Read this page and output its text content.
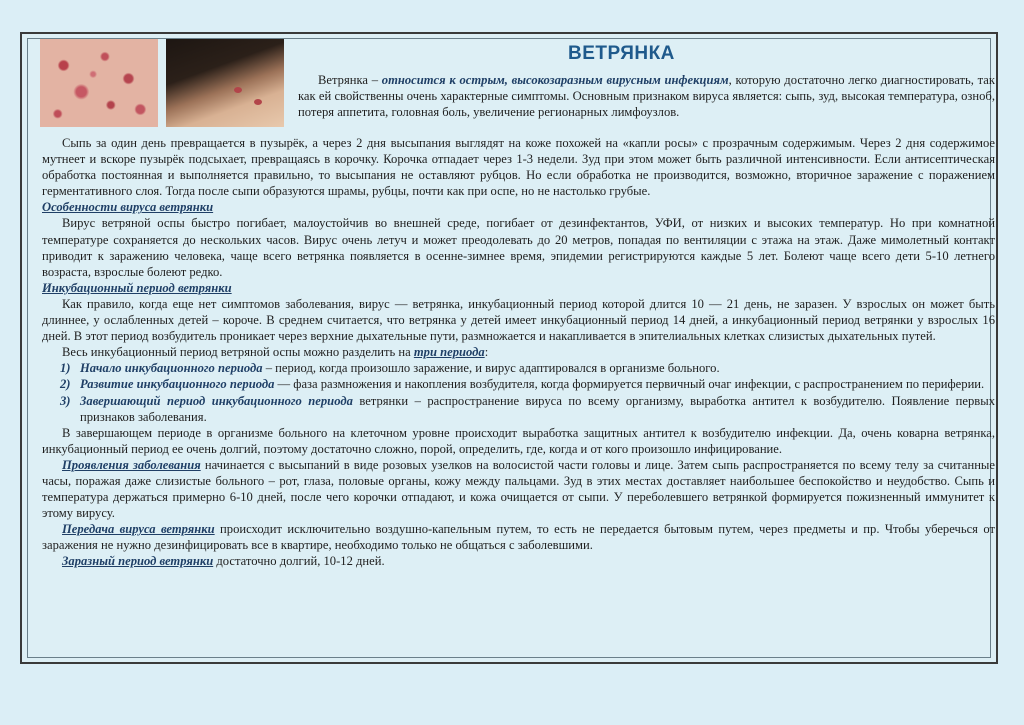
ВЕТРЯНКА

Ветрянка – относится к острым, высокозаразным вирусным инфекциям, которую достаточно легко диагностировать, так как ей свойственны очень характерные симптомы. Основным признаком вируса является: сыпь, зуд, высокая температура, озноб, потеря аппетита, головная боль, увеличение регионарных лимфоузлов.

Сыпь за один день превращается в пузырёк, а через 2 дня высыпания выглядят на коже похожей на «капли росы» с прозрачным содержимым. Через 2 дня содержимое мутнеет и вскоре пузырёк подсыхает, превращаясь в корочку. Корочка отпадает через 1-3 недели. Зуд при этом может быть различной интенсивности. Если антисептическая обработка постоянная и выполняется правильно, то высыпания не оставляют рубцов. Но если обработка не производится, возможно, вторичное заражение с поражением герментативного слоя. Тогда после сыпи образуются шрамы, рубцы, почти как при оспе, но не настолько грубые.

Особенности вируса ветрянки

Вирус ветряной оспы быстро погибает, малоустойчив во внешней среде, погибает от дезинфектантов, УФИ, от низких и высоких температур. Но при комнатной температуре сохраняется до нескольких часов. Вирус очень летуч и может преодолевать до 20 метров, попадая по вентиляции с этажа на этаж. Даже мимолетный контакт приводит к заражению человека, чаще всего ветрянка появляется в осенне-зимнее время, эпидемии регистрируются каждые 5 лет. Болеют чаще всего дети 5-10 летнего возраста, взрослые болеют редко.

Инкубационный период ветрянки

Как правило, когда еще нет симптомов заболевания, вирус — ветрянка, инкубационный период которой длится 10 — 21 день, не заразен. У взрослых он может быть длиннее, у ослабленных детей – короче. В среднем считается, что ветрянка у детей имеет инкубационный период 14 дней, а инкубационный период ветрянки у взрослых 16 дней. В этот период возбудитель проникает через верхние дыхательные пути, размножается и накапливается в эпителиальных клетках слизистых дыхательных путей.

Весь инкубационный период ветряной оспы можно разделить на три периода:

1) Начало инкубационного периода – период, когда произошло заражение, и вирус адаптировался в организме больного.
2) Развитие инкубационного периода — фаза размножения и накопления возбудителя, когда формируется первичный очаг инфекции, с распространением по периферии.
3) Завершающий период инкубационного периода ветрянки – распространение вируса по всему организму, выработка антител к возбудителю. Появление первых признаков заболевания.

В завершающем периоде в организме больного на клеточном уровне происходит выработка защитных антител к возбудителю инфекции. Да, очень коварна ветрянка, инкубационный период ее очень долгий, поэтому достаточно сложно, порой, определить, где, когда и от кого произошло инфицирование.

Проявления заболевания начинается с высыпаний в виде розовых узелков на волосистой части головы и лице. Затем сыпь распространяется по всему телу за считанные часы, поражая даже слизистые больного – рот, глаза, половые органы, кожу между пальцами. Зуд в этих местах доставляет наибольшее беспокойство и неудобство. Сыпь и температура держаться примерно 6-10 дней, после чего корочки отпадают, и кожа очищается от сыпи. У переболевшего ветрянкой формируется пожизненный иммунитет к этому вирусу.

Передача вируса ветрянки происходит исключительно воздушно-капельным путем, то есть не передается бытовым путем, через предметы и пр. Чтобы уберечься от заражения не нужно дезинфицировать все в квартире, необходимо только не общаться с заболевшими.

Заразный период ветрянки достаточно долгий, 10-12 дней.
